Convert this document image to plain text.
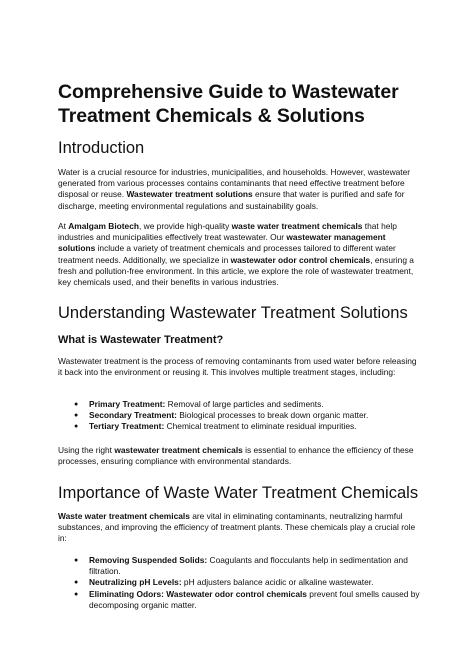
Comprehensive Guide to Wastewater Treatment Chemicals & Solutions
Introduction

Water is a crucial resource for industries, municipalities, and households. However, wastewater generated from various processes contains contaminants that need effective treatment before disposal or reuse. Wastewater treatment solutions ensure that water is purified and safe for discharge, meeting environmental regulations and sustainability goals.

At Amalgam Biotech, we provide high-quality waste water treatment chemicals that help industries and municipalities effectively treat wastewater. Our wastewater management solutions include a variety of treatment chemicals and processes tailored to different water treatment needs. Additionally, we specialize in wastewater odor control chemicals, ensuring a fresh and pollution-free environment. In this article, we explore the role of wastewater treatment, key chemicals used, and their benefits in various industries.

Understanding Wastewater Treatment Solutions
What is Wastewater Treatment?

Wastewater treatment is the process of removing contaminants from used water before releasing it back into the environment or reusing it. This involves multiple treatment stages, including:

● Primary Treatment: Removal of large particles and sediments.
● Secondary Treatment: Biological processes to break down organic matter.
● Tertiary Treatment: Chemical treatment to eliminate residual impurities.

Using the right wastewater treatment chemicals is essential to enhance the efficiency of these processes, ensuring compliance with environmental standards.

Importance of Waste Water Treatment Chemicals

Waste water treatment chemicals are vital in eliminating contaminants, neutralizing harmful substances, and improving the efficiency of treatment plants. These chemicals play a crucial role in:

● Removing Suspended Solids: Coagulants and flocculants help in sedimentation and filtration.
● Neutralizing pH Levels: pH adjusters balance acidic or alkaline wastewater.
● Eliminating Odors: Wastewater odor control chemicals prevent foul smells caused by decomposing organic matter.
